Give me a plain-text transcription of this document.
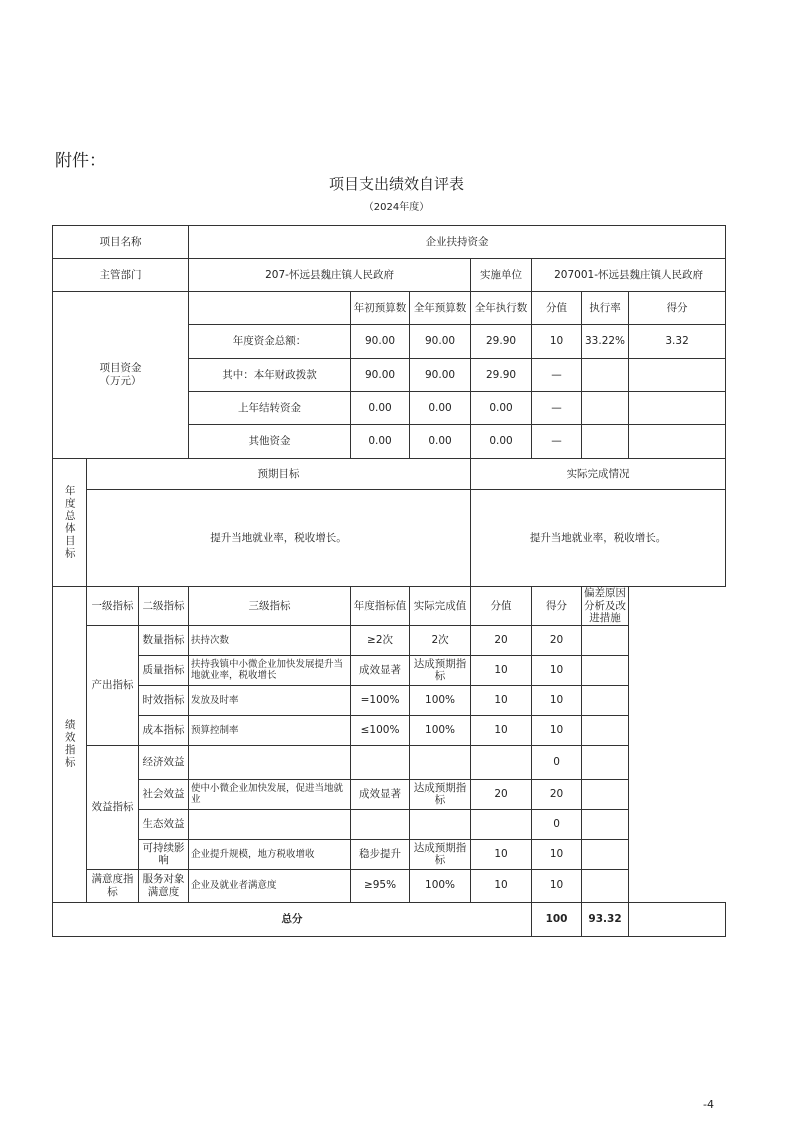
附件：
项目支出绩效自评表
（2024年度）
项目名称			企业扶持资金						
主管部门			207-怀远县魏庄镇人民政府			实施单位	207001-怀远县魏庄镇人民政府		
项目资金
（万元）				年初预算数	全年预算数	全年执行数	分值	执行率	得分
			年度资金总额：	90.00	90.00	29.90	10	33.22%	3.32
			其中：本年财政拨款	90.00	90.00	29.90	—		
			上年结转资金	0.00	0.00	0.00	—		
			其他资金	0.00	0.00	0.00	—		
年度总体目标	预期目标					实际完成情况			
	提升当地就业率，税收增长。					提升当地就业率，税收增长。			
绩效指标	一级指标	二级指标	三级指标	年度指标值	实际完成值	分值	得分	偏差原因分析及改进措施	
	产出指标	数量指标	扶持次数	≥2次	2次	20	20		
		质量指标	扶持我镇中小微企业加快发展提升当地就业率，税收增长	成效显著	达成预期指标	10	10		
		时效指标	发放及时率	=100%	100%	10	10		
		成本指标	预算控制率	≤100%	100%	10	10		
	效益指标	经济效益					0		
		社会效益	使中小微企业加快发展，促进当地就业	成效显著	达成预期指标	20	20		
		生态效益					0		
		可持续影响	企业提升规模，地方税收增收	稳步提升	达成预期指标	10	10		
	满意度指标	服务对象满意度	企业及就业者满意度	≥95%	100%	10	10		
总分							100	93.32	
-4
